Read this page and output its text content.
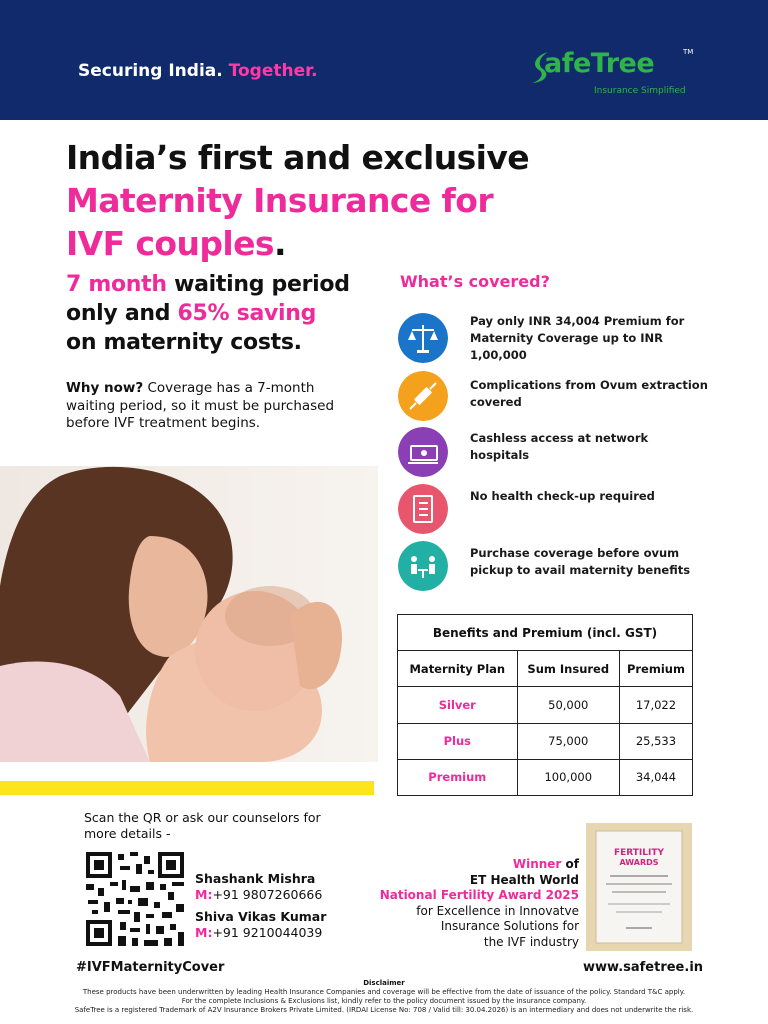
Securing India. Together.	afeTree	TM
Insurance Simplified
India’s first and exclusive
Maternity Insurance for
IVF couples.
7 month waiting period
only and 65% saving
on maternity costs.
Why now? Coverage has a 7-month waiting period, so it must be purchased before IVF treatment begins.
What’s covered?
Pay only INR 34,004 Premium for Maternity Coverage up to INR 1,00,000
Complications from Ovum extraction covered
Cashless access at network hospitals
No health check-up required
Purchase coverage before ovum pickup to avail maternity benefits
Benefits and Premium (incl. GST)		
Maternity Plan	Sum Insured	Premium
Silver	50,000	17,022
Plus	75,000	25,533
Premium	100,000	34,044
Scan the QR or ask our counselors for more details -
Shashank Mishra
M:+91 9807260666
Shiva Vikas Kumar
M:+91 9210044039
Winner of
ET Health World
National Fertility Award 2025
for Excellence in Innovatve
Insurance Solutions for
the IVF industry
FERTILITY
AWARDS
#IVFMaternityCover	www.safetree.in
Disclaimer
These products have been underwritten by leading Health Insurance Companies and coverage will be effective from the date of issuance of the policy. Standard T&C apply.
For the complete Inclusions & Exclusions list, kindly refer to the policy document issued by the insurance company.
SafeTree is a registered Trademark of A2V Insurance Brokers Private Limited. (IRDAI License No: 708 / Valid till: 30.04.2026) is an intermediary and does not underwrite the risk.
